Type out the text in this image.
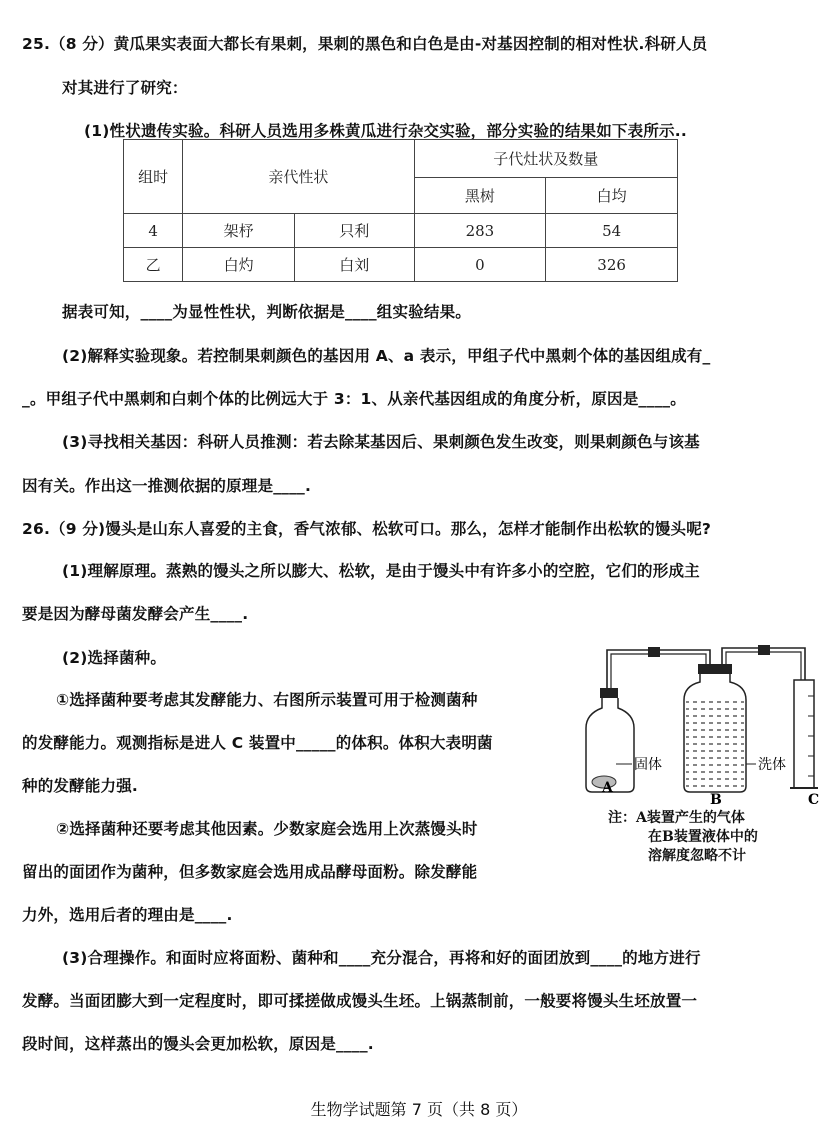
25.（8 分）黄瓜果实表面大都长有果刺，果刺的黑色和白色是由-对基因控制的相对性状.科研人员
对其进行了研究：
(1)性状遗传实验。科研人员选用多株黄瓜进行杂交实验，部分实验的结果如下表所示..
组时	亲代性状		子代灶状及数量	
			黑树	白均
4	架杼	只利	283	54
乙	白灼	白刘	0	326
据表可知，____为显性性状，判断依据是____组实验结果。
(2)解释实验现象。若控制果刺颜色的基因用 A、a 表示，甲组子代中黑刺个体的基因组成有_
_。甲组子代中黑刺和白刺个体的比例远大于 3：1、从亲代基因组成的角度分析，原因是____。
(3)寻找相关基因：科研人员推测：若去除某基因后、果刺颜色发生改变，则果刺颜色与该基
因有关。作出这一推测依据的原理是____.
26.（9 分)馒头是山东人喜爱的主食，香气浓郁、松软可口。那么，怎样才能制作出松软的馒头呢?
(1)理解原理。蒸熟的馒头之所以膨大、松软，是由于馒头中有许多小的空腔，它们的形成主
要是因为酵母菌发酵会产生____.
(2)选择菌种。
①选择菌种要考虑其发酵能力、右图所示装置可用于检测菌种
的发酵能力。观测指标是进人 C 装置中_____的体积。体积大表明菌
种的发酵能力强.
②选择菌种还要考虑其他因素。少数家庭会选用上次蒸馒头时
留出的面团作为菌种，但多数家庭会选用成品酵母面粉。除发酵能
力外，选用后者的理由是____.
(3)合理操作。和面时应将面粉、菌种和____充分混合，再将和好的面团放到____的地方进行
发酵。当面团膨大到一定程度时，即可揉搓做成馒头生坯。上锅蒸制前，一般要将馒头生坯放置一
段时间，这样蒸出的馒头会更加松软，原因是____.
固体	洗体
A
B	C
注：A装置产生的气体
在B装置液体中的
溶解度忽略不计
生物学试题第 7 页（共 8 页）
